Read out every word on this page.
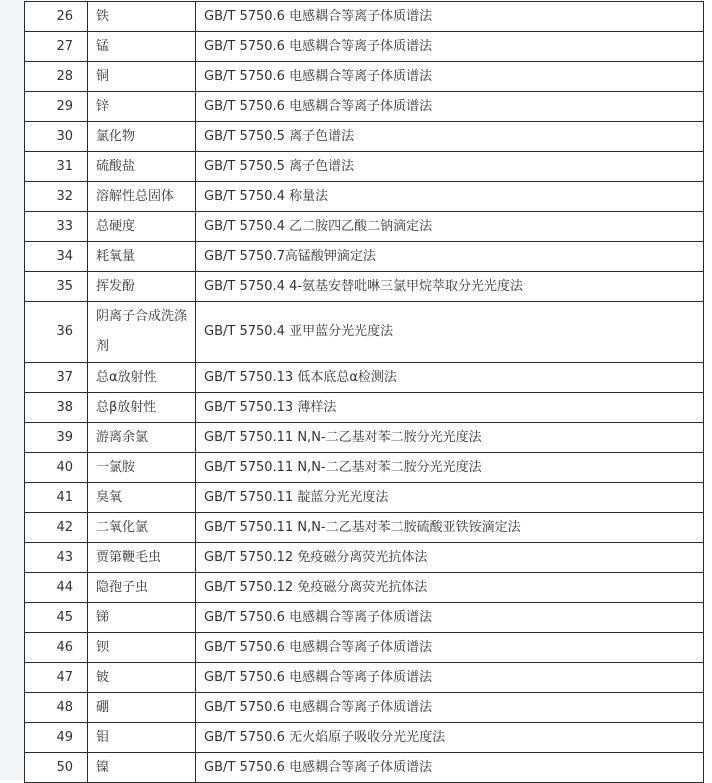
26	铁	GB/T 5750.6 电感耦合等离子体质谱法
27	锰	GB/T 5750.6 电感耦合等离子体质谱法
28	铜	GB/T 5750.6 电感耦合等离子体质谱法
29	锌	GB/T 5750.6 电感耦合等离子体质谱法
30	氯化物	GB/T 5750.5 离子色谱法
31	硫酸盐	GB/T 5750.5 离子色谱法
32	溶解性总固体	GB/T 5750.4 称量法
33	总硬度	GB/T 5750.4 乙二胺四乙酸二钠滴定法
34	耗氧量	GB/T 5750.7高锰酸钾滴定法
35	挥发酚	GB/T 5750.4 4-氨基安替吡啉三氯甲烷萃取分光光度法
36	阴离子合成洗涤剂	GB/T 5750.4 亚甲蓝分光光度法
37	总α放射性	GB/T 5750.13 低本底总α检测法
38	总β放射性	GB/T 5750.13 薄样法
39	游离余氯	GB/T 5750.11 N,N-二乙基对苯二胺分光光度法
40	一氯胺	GB/T 5750.11 N,N-二乙基对苯二胺分光光度法
41	臭氧	GB/T 5750.11 靛蓝分光光度法
42	二氧化氯	GB/T 5750.11 N,N-二乙基对苯二胺硫酸亚铁铵滴定法
43	贾第鞭毛虫	GB/T 5750.12 免疫磁分离荧光抗体法
44	隐孢子虫	GB/T 5750.12 免疫磁分离荧光抗体法
45	锑	GB/T 5750.6 电感耦合等离子体质谱法
46	钡	GB/T 5750.6 电感耦合等离子体质谱法
47	铍	GB/T 5750.6 电感耦合等离子体质谱法
48	硼	GB/T 5750.6 电感耦合等离子体质谱法
49	钼	GB/T 5750.6 无火焰原子吸收分光光度法
50	镍	GB/T 5750.6 电感耦合等离子体质谱法
